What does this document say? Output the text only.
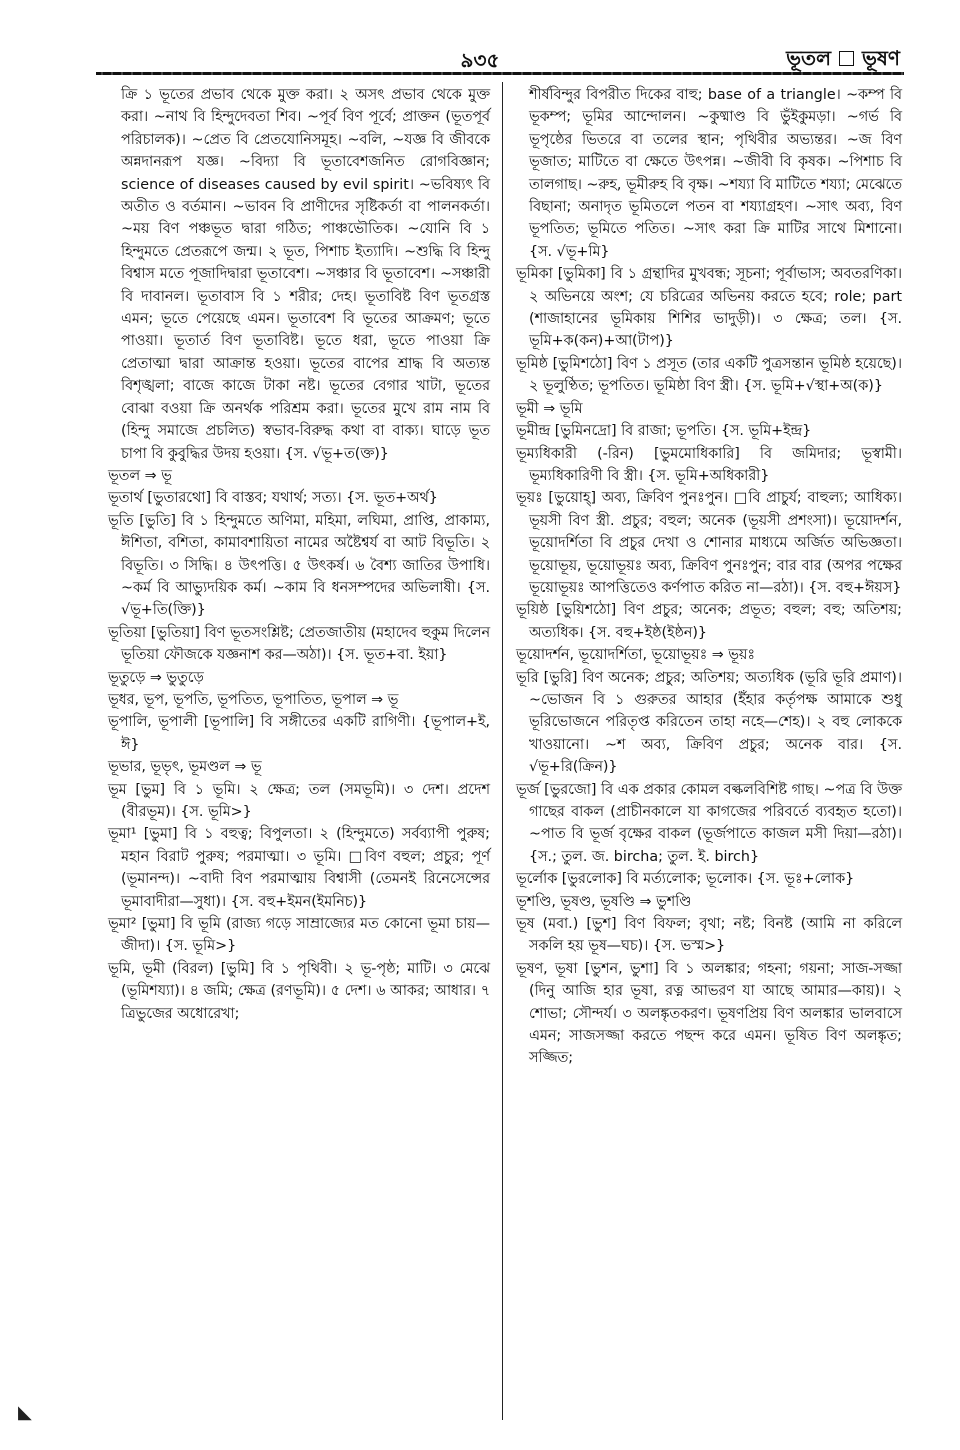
৯৩৫	ভূতল ভূষণ

ক্রি ১ ভূতের প্রভাব থেকে মুক্ত করা। ২ অসৎ প্রভাব থেকে মুক্ত করা। ~নাথ বি হিন্দুদেবতা শিব। ~পূর্ব বিণ পূর্বে; প্রাক্তন (ভূতপূর্ব পরিচালক)। ~প্রেত বি প্রেতযোনিসমূহ। ~বলি, ~যজ্ঞ বি জীবকে অন্নদানরূপ যজ্ঞ। ~বিদ্যা বি ভূতাবেশজনিত রোগবিজ্ঞান; science of diseases caused by evil spirit। ~ভবিষ্যৎ বি অতীত ও বর্তমান। ~ভাবন বি প্রাণীদের সৃষ্টিকর্তা বা পালনকর্তা। ~ময় বিণ পঞ্চভূত দ্বারা গঠিত; পাঞ্চভৌতিক। ~যোনি বি ১ হিন্দুমতে প্রেতরূপে জন্ম। ২ ভূত, পিশাচ ইত্যাদি। ~শুদ্ধি বি হিন্দু বিশ্বাস মতে পূজাদিদ্বারা ভূতাবেশ। ~সঞ্চার বি ভূতাবেশ। ~সঞ্চারী বি দাবানল। ভূতাবাস বি ১ শরীর; দেহ। ভূতাবিষ্ট বিণ ভূতগ্রস্ত এমন; ভূতে পেয়েছে এমন। ভূতাবেশ বি ভূতের আক্রমণ; ভূতে পাওয়া। ভূতার্ত বিণ ভূতাবিষ্ট। ভূতে ধরা, ভূতে পাওয়া ক্রি প্রেতাত্মা দ্বারা আক্রান্ত হওয়া। ভূতের বাপের শ্রাদ্ধ বি অত্যন্ত বিশৃঙ্খলা; বাজে কাজে টাকা নষ্ট। ভূতের বেগার খাটা, ভূতের বোঝা বওয়া ক্রি অনর্থক পরিশ্রম করা। ভূতের মুখে রাম নাম বি (হিন্দু সমাজে প্রচলিত) স্বভাব-বিরুদ্ধ কথা বা বাক্য। ঘাড়ে ভূত চাপা বি কুবুদ্ধির উদয় হওয়া। {স. √ভূ+ত(ক্ত)}

ভূতল ⇒ ভূ

ভূতার্থ [ভুতারথো] বি বাস্তব; যথার্থ; সত্য। {স. ভূত+অর্থ}

ভূতি [ভুতি] বি ১ হিন্দুমতে অণিমা, মহিমা, লঘিমা, প্রাপ্তি, প্রাকাম্য, ঈশিতা, বশিতা, কামাবশায়িতা নামের অষ্টৈশ্বর্য বা আট বিভূতি। ২ বিভূতি। ৩ সিদ্ধি। ৪ উৎপত্তি। ৫ উৎকর্ষ। ৬ বৈশ্য জাতির উপাধি। ~কর্ম বি আভ্যুদয়িক কর্ম। ~কাম বি ধনসম্পদের অভিলাষী। {স. √ভূ+তি(ক্তি)}

ভূতিয়া [ভুতিয়া] বিণ ভূতসংশ্লিষ্ট; প্রেতজাতীয় (মহাদেব হুকুম দিলেন ভূতিয়া ফৌজকে যজ্ঞনাশ কর—অঠা)। {স. ভূত+বা. ইয়া}

ভূতুড়ে ⇒ ভুতুড়ে

ভূধর, ভূপ, ভূপতি, ভূপতিত, ভূপাতিত, ভূপাল ⇒ ভূ

ভূপালি, ভূপালী [ভূপালি] বি সঙ্গীতের একটি রাগিণী। {ভূপাল+ই, ঈ}

ভূভার, ভূভৃৎ, ভূমণ্ডল ⇒ ভূ

ভূম [ভুম] বি ১ ভূমি। ২ ক্ষেত্র; তল (সমভূমি)। ৩ দেশ। প্রদেশ (বীরভূম)। {স. ভূমি>}

ভূমা¹ [ভুমা] বি ১ বহুত্ব; বিপুলতা। ২ (হিন্দুমতে) সর্বব্যাপী পুরুষ; মহান বিরাট পুরুষ; পরমাত্মা। ৩ ভূমি। □বিণ বহুল; প্রচুর; পূর্ণ (ভূমানন্দ)। ~বাদী বিণ পরমাত্মায় বিশ্বাসী (তেমনই রিনেসেন্সের ভূমাবাদীরা—সুধা)। {স. বহু+ইমন(ইমনিচ)}

ভূমা² [ভুমা] বি ভূমি (রাজ্য গড়ে সাম্রাজ্যের মত কোনো ভূমা চায়—জীদা)। {স. ভূমি>}

ভূমি, ভূমী (বিরল) [ভুমি] বি ১ পৃথিবী। ২ ভূ-পৃষ্ঠ; মাটি। ৩ মেঝে (ভূমিশয্যা)। ৪ জমি; ক্ষেত্র (রণভূমি)। ৫ দেশ। ৬ আকর; আধার। ৭ ত্রিভুজের অধোরেখা;

শীর্ষবিন্দুর বিপরীত দিকের বাহু; base of a triangle। ~কম্প বি ভূকম্প; ভূমির আন্দোলন। ~কুষ্মাণ্ড বি ভুঁইকুমড়া। ~গর্ভ বি ভূপৃষ্ঠের ভিতরে বা তলের স্থান; পৃথিবীর অভ্যন্তর। ~জ বিণ ভূজাত; মাটিতে বা ক্ষেতে উৎপন্ন। ~জীবী বি কৃষক। ~পিশাচ বি তালগাছ। ~রুহ, ভূমীরুহ বি বৃক্ষ। ~শয্যা বি মাটিতে শয্যা; মেঝেতে বিছানা; অনাদৃত ভূমিতলে পতন বা শয্যাগ্রহণ। ~সাৎ অব্য, বিণ ভূপতিত; ভূমিতে পতিত। ~সাৎ করা ক্রি মাটির সাথে মিশানো। {স. √ভূ+মি}

ভূমিকা [ভুমিকা] বি ১ গ্রন্থাদির মুখবন্ধ; সূচনা; পূর্বাভাস; অবতরণিকা। ২ অভিনয়ে অংশ; যে চরিত্রের অভিনয় করতে হবে; role; part (শাজাহানের ভূমিকায় শিশির ভাদুড়ী)। ৩ ক্ষেত্র; তল। {স. ভূমি+ক(কন)+আ(টাপ)}

ভূমিষ্ঠ [ভুমিশঠো] বিণ ১ প্রসূত (তার একটি পুত্রসন্তান ভূমিষ্ঠ হয়েছে)। ২ ভূলুণ্ঠিত; ভূপতিত। ভূমিষ্ঠা বিণ স্ত্রী। {স. ভূমি+√স্থা+অ(ক)}

ভূমী ⇒ ভূমি

ভূমীন্দ্র [ভুমিনদ্রো] বি রাজা; ভূপতি। {স. ভূমি+ইন্দ্র}

ভূম্যধিকারী (-রিন) [ভুমমোধিকারি] বি জমিদার; ভূস্বামী। ভূম্যধিকারিণী বি স্ত্রী। {স. ভূমি+অধিকারী}

ভূয়ঃ [ভুয়োহ্] অব্য, ক্রিবিণ পুনঃপুন। □বি প্রাচুর্য; বাহুল্য; আধিক্য। ভূয়সী বিণ স্ত্রী. প্রচুর; বহুল; অনেক (ভূয়সী প্রশংসা)। ভূয়োদর্শন, ভূয়োদর্শিতা বি প্রচুর দেখা ও শোনার মাধ্যমে অর্জিত অভিজ্ঞতা। ভূয়োভূয়, ভূয়োভূয়ঃ অব্য, ক্রিবিণ পুনঃপুন; বার বার (অপর পক্ষের ভূয়োভূয়ঃ আপত্তিতেও কর্ণপাত করিত না—রঠা)। {স. বহু+ঈয়স}

ভূয়িষ্ঠ [ভুয়িশঠো] বিণ প্রচুর; অনেক; প্রভূত; বহুল; বহু; অতিশয়; অত্যধিক। {স. বহু+ইষ্ঠ(ইষ্ঠন)}

ভূয়োদর্শন, ভূয়োদর্শিতা, ভূয়োভূয়ঃ ⇒ ভূয়ঃ

ভূরি [ভুরি] বিণ অনেক; প্রচুর; অতিশয়; অত্যধিক (ভূরি ভূরি প্রমাণ)। ~ভোজন বি ১ গুরুতর আহার (ইঁহার কর্তৃপক্ষ আমাকে শুধু ভূরিভোজনে পরিতৃপ্ত করিতেন তাহা নহে—শেহ)। ২ বহু লোককে খাওয়ানো। ~শ অব্য, ক্রিবিণ প্রচুর; অনেক বার। {স. √ভূ+রি(ক্রিন)}

ভূর্জ [ভুরজো] বি এক প্রকার কোমল বল্কলবিশিষ্ট গাছ। ~পত্র বি উক্ত গাছের বাকল (প্রাচীনকালে যা কাগজের পরিবর্তে ব্যবহৃত হতো)। ~পাত বি ভূর্জ বৃক্ষের বাকল (ভূর্জপাতে কাজল মসী দিয়া—রঠা)। {স.; তুল. জ. bircha; তুল. ই. birch}

ভূর্লোক [ভুরলোক] বি মর্ত্যলোক; ভূলোক। {স. ভূঃ+লোক}

ভূশণ্ডি, ভূষণ্ড, ভূষণ্ডি ⇒ ভুশণ্ডি

ভূষ (মবা.) [ভুশ] বিণ বিফল; বৃথা; নষ্ট; বিনষ্ট (আমি না করিলে সকলি হয় ভূষ—ঘচ)। {স. ভস্ম>}

ভূষণ, ভূষা [ভুশন, ভুশা] বি ১ অলঙ্কার; গহনা; গয়না; সাজ-সজ্জা (দিনু আজি হার ভূষা, রত্ন আভরণ যা আছে আমার—কায়)। ২ শোভা; সৌন্দর্য। ৩ অলঙ্কৃতকরণ। ভূষণপ্রিয় বিণ অলঙ্কার ভালবাসে এমন; সাজসজ্জা করতে পছন্দ করে এমন। ভূষিত বিণ অলঙ্কৃত; সজ্জিত;

◣
